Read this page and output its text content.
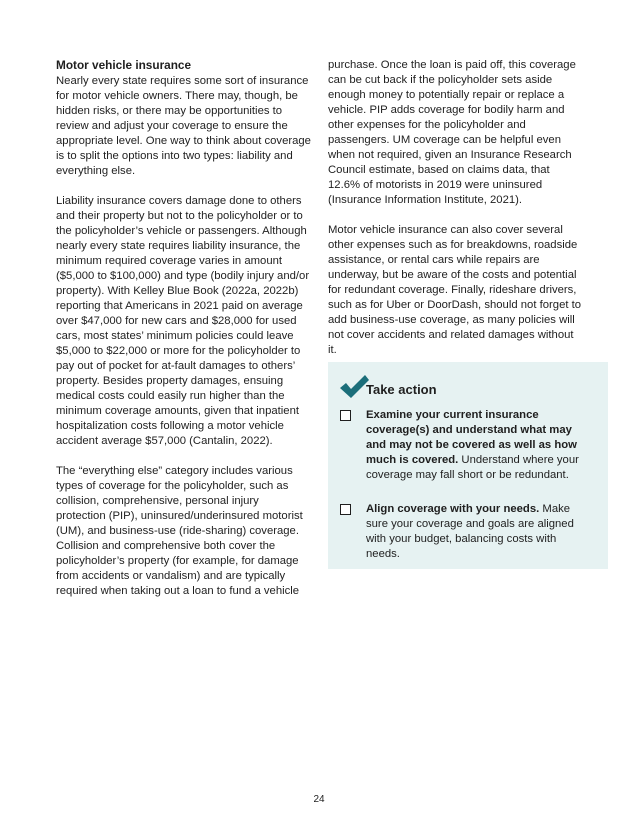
Motor vehicle insurance

Nearly every state requires some sort of insurance for motor vehicle owners. There may, though, be hidden risks, or there may be opportunities to review and adjust your coverage to ensure the appropriate level. One way to think about coverage is to split the options into two types: liability and everything else.

Liability insurance covers damage done to others and their property but not to the policyholder or to the policyholder’s vehicle or passengers. Although nearly every state requires liability insurance, the minimum required coverage varies in amount ($5,000 to $100,000) and type (bodily injury and/or property). With Kelley Blue Book (2022a, 2022b) reporting that Americans in 2021 paid on average over $47,000 for new cars and $28,000 for used cars, most states’ minimum policies could leave $5,000 to $22,000 or more for the policyholder to pay out of pocket for at-fault damages to others’ property. Besides property damages, ensuing medical costs could easily run higher than the minimum coverage amounts, given that inpatient hospitalization costs following a motor vehicle accident average $57,000 (Cantalin, 2022).

The “everything else” category includes various types of coverage for the policyholder, such as collision, comprehensive, personal injury protection (PIP), uninsured/underinsured motorist (UM), and business-use (ride-sharing) coverage. Collision and comprehensive both cover the policyholder’s property (for example, for damage from accidents or vandalism) and are typically required when taking out a loan to fund a vehicle

purchase. Once the loan is paid off, this coverage can be cut back if the policyholder sets aside enough money to potentially repair or replace a vehicle. PIP adds coverage for bodily harm and other expenses for the policyholder and passengers. UM coverage can be helpful even when not required, given an Insurance Research Council estimate, based on claims data, that 12.6% of motorists in 2019 were uninsured (Insurance Information Institute, 2021).

Motor vehicle insurance can also cover several other expenses such as for breakdowns, roadside assistance, or rental cars while repairs are underway, but be aware of the costs and potential for redundant coverage. Finally, rideshare drivers, such as for Uber or DoorDash, should not forget to add business-use coverage, as many policies will not cover accidents and related damages without it.

Take action
Examine your current insurance coverage(s) and understand what may and may not be covered as well as how much is covered. Understand where your coverage may fall short or be redundant.
Align coverage with your needs. Make sure your coverage and goals are aligned with your budget, balancing costs with needs.
24
